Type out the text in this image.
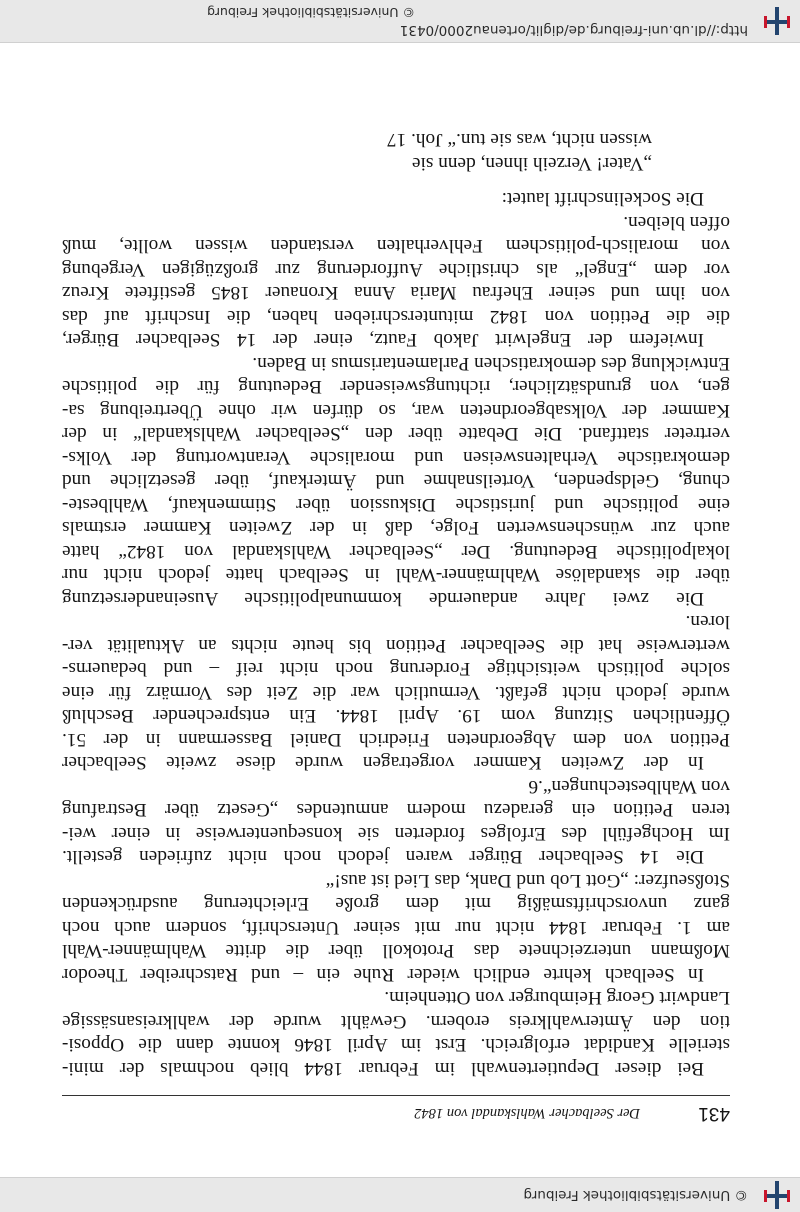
© Universitätsbibliothek Freiburg
431
Der Seelbacher Wahlskandal von 1842
Bei dieser Deputiertenwahl im Februar 1844 blieb nochmals der mini-
sterielle Kandidat erfolgreich. Erst im April 1846 konnte dann die Opposi-
tion den Ämterwahlkreis erobern. Gewählt wurde der wahlkreisansässige
Landwirt Georg Heimburger von Ottenheim.
In Seelbach kehrte endlich wieder Ruhe ein – und Ratschreiber Theodor
Moßmann unterzeichnete das Protokoll über die dritte Wahlmänner-Wahl
am 1. Februar 1844 nicht nur mit seiner Unterschrift, sondern auch noch
ganz unvorschriftsmäßig mit dem große Erleichterung ausdrückenden
Stoßseufzer: „Gott Lob und Dank, das Lied ist aus!“
Die 14 Seelbacher Bürger waren jedoch noch nicht zufrieden gestellt.
Im Hochgefühl des Erfolges forderten sie konsequenterweise in einer wei-
teren Petition ein geradezu modern anmutendes „Gesetz über Bestrafung
von Wahlbestechungen“.6
In der Zweiten Kammer vorgetragen wurde diese zweite Seelbacher
Petition von dem Abgeordneten Friedrich Daniel Bassermann in der 51.
Öffentlichen Sitzung vom 19. April 1844. Ein entsprechender Beschluß
wurde jedoch nicht gefaßt. Vermutlich war die Zeit des Vormärz für eine
solche politisch weitsichtige Forderung noch nicht reif – und bedauerns-
werterweise hat die Seelbacher Petition bis heute nichts an Aktualität ver-
loren.
Die zwei Jahre andauernde kommunalpolitische Auseinandersetzung
über die skandalöse Wahlmänner-Wahl in Seelbach hatte jedoch nicht nur
lokalpolitische Bedeutung. Der „Seelbacher Wahlskandal von 1842“ hatte
auch zur wünschenswerten Folge, daß in der Zweiten Kammer erstmals
eine politische und juristische Diskussion über Stimmenkauf, Wahlbeste-
chung, Geldspenden, Vorteilsnahme und Ämterkauf, über gesetzliche und
demokratische Verhaltensweisen und moralische Verantwortung der Volks-
vertreter stattfand. Die Debatte über den „Seelbacher Wahlskandal“ in der
Kammer der Volksabgeordneten war, so dürfen wir ohne Übertreibung sa-
gen, von grundsätzlicher, richtungsweisender Bedeutung für die politische
Entwicklung des demokratischen Parlamentarismus in Baden.
Inwiefern der Engelwirt Jakob Fautz, einer der 14 Seelbacher Bürger,
die die Petition von 1842 mitunterschrieben haben, die Inschrift auf das
von ihm und seiner Ehefrau Maria Anna Kronauer 1845 gestiftete Kreuz
vor dem „Engel“ als christliche Aufforderung zur großzügigen Vergebung
von moralisch-politischem Fehlverhalten verstanden wissen wollte, muß
offen bleiben.
Die Sockelinschrift lautet:
„Vater! Verzeih ihnen, denn sie
wissen nicht, was sie tun.“ Joh. 17
http://dl.ub.uni-freiburg.de/diglit/ortenau2000/0431
© Universitätsbibliothek Freiburg
